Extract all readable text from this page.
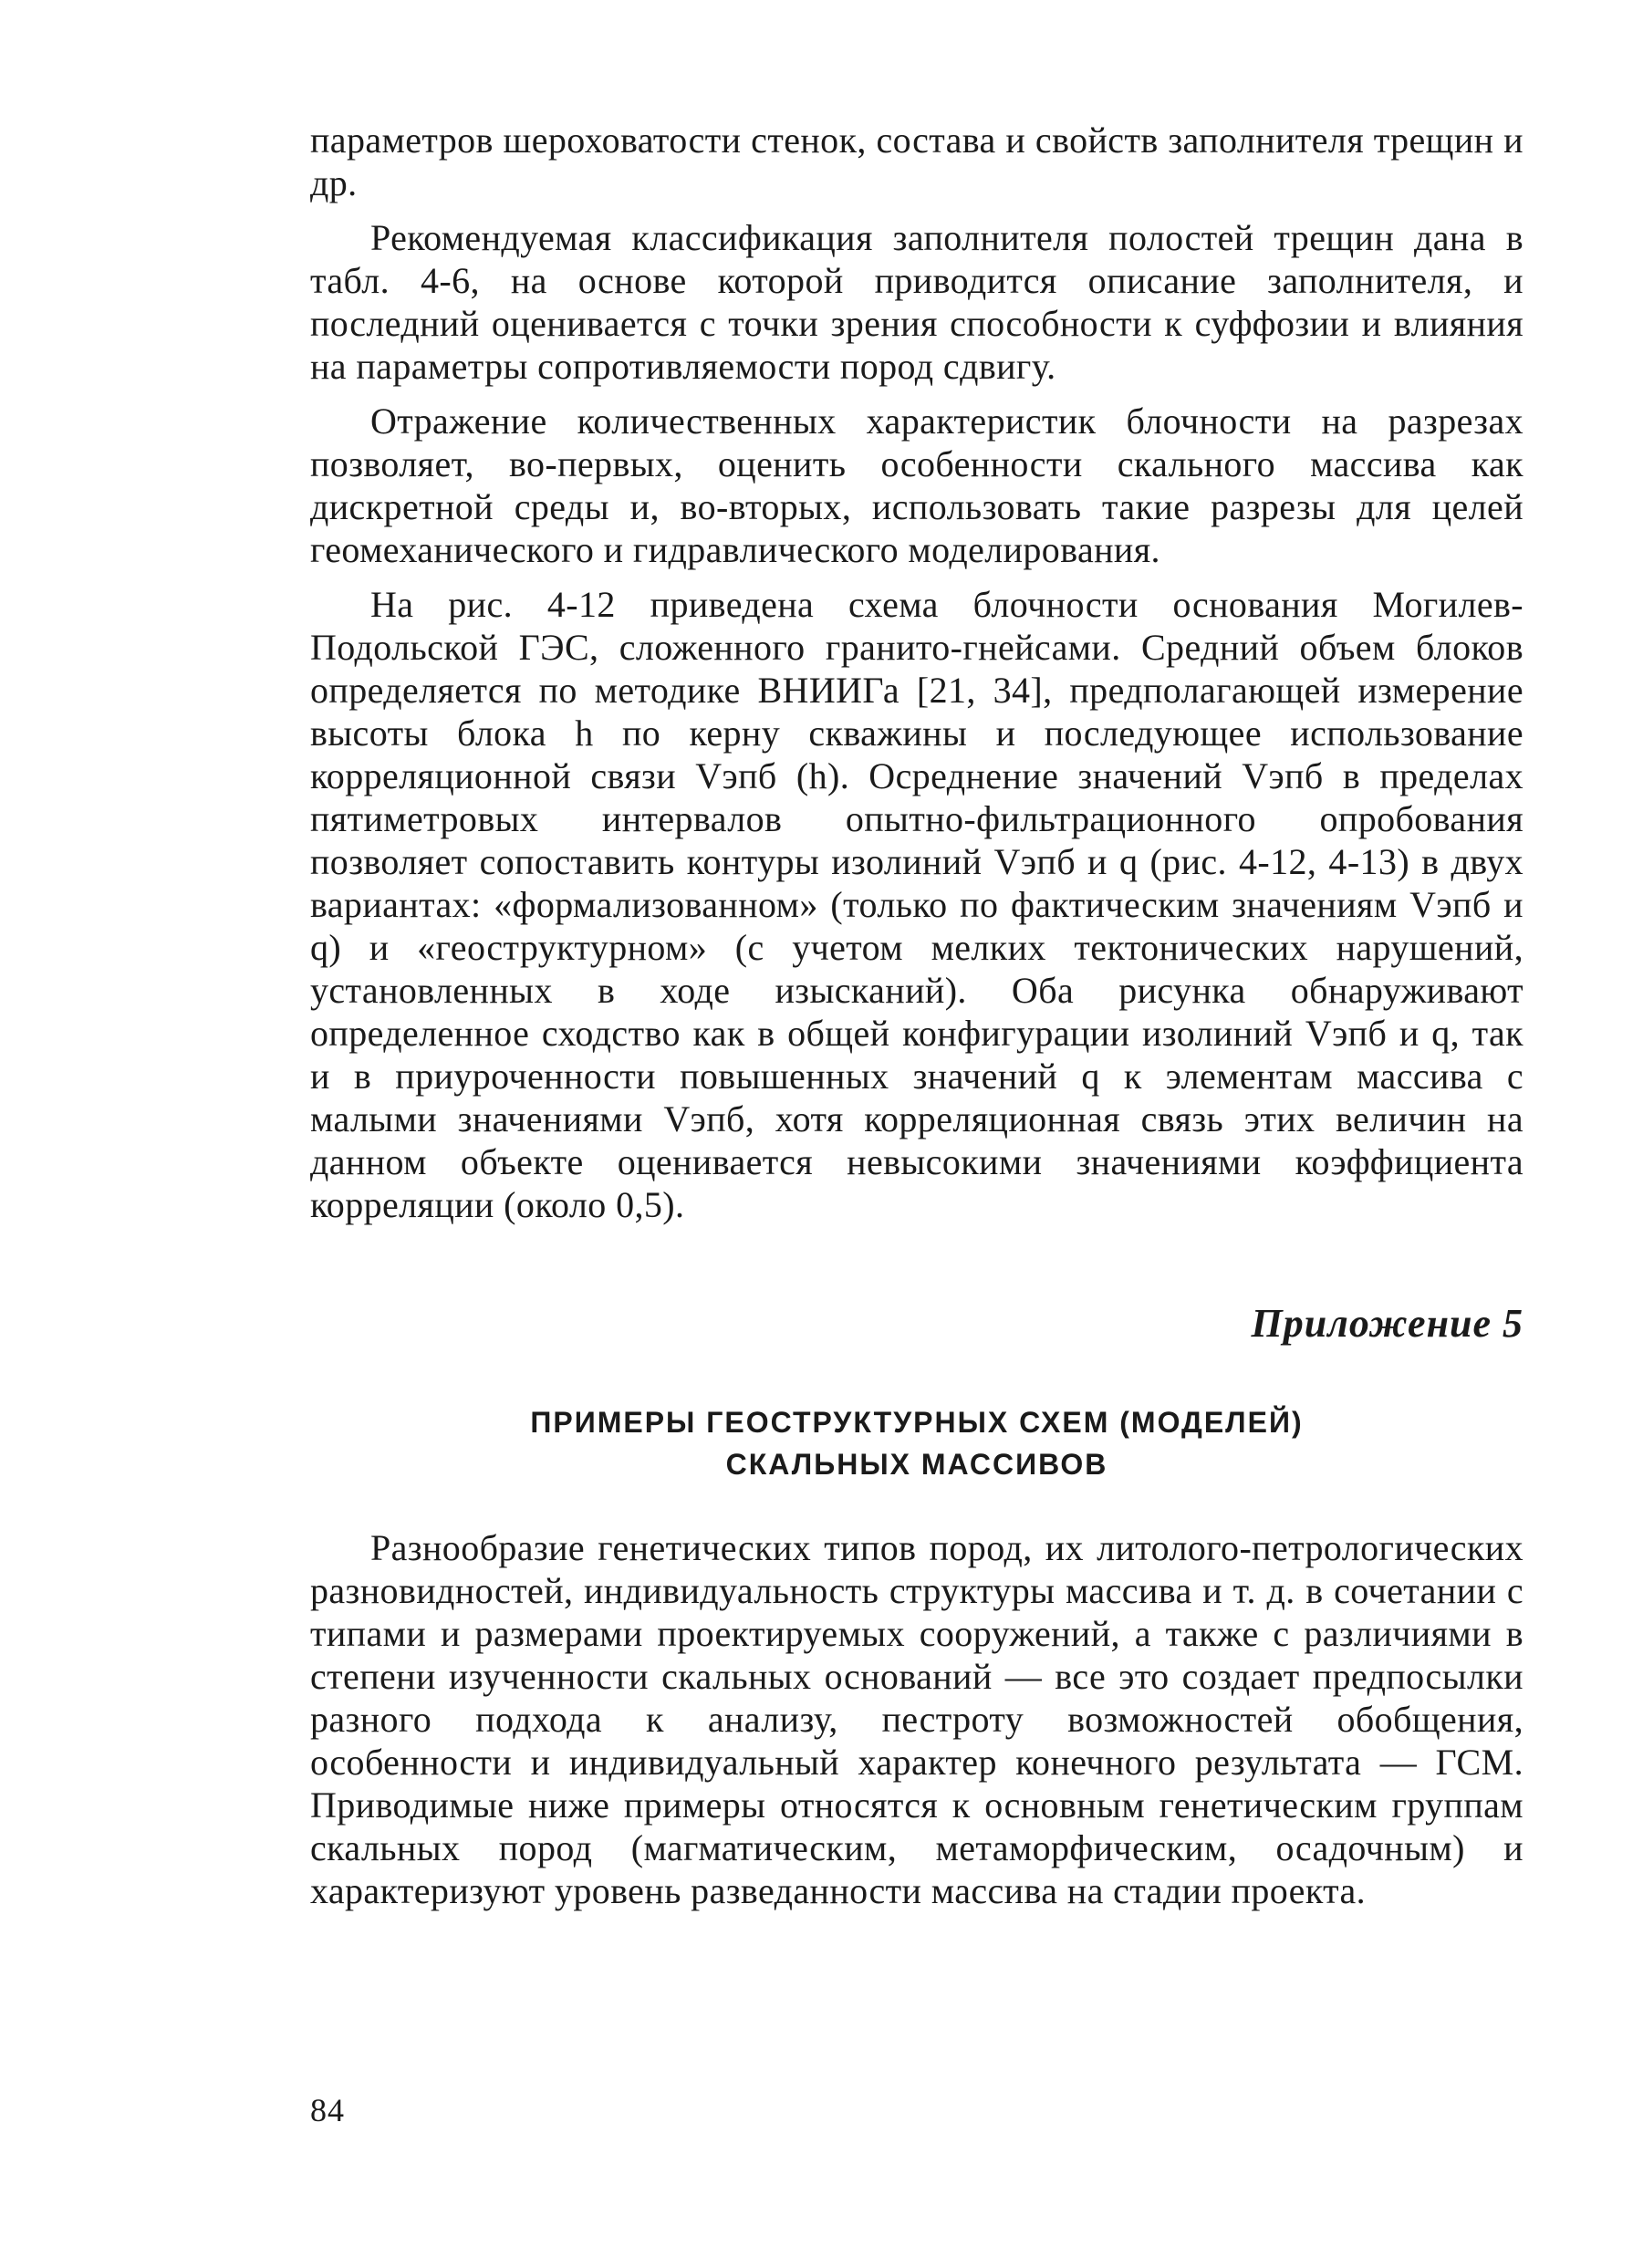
параметров шероховатости стенок, состава и свойств заполнителя трещин и др.

Рекомендуемая классификация заполнителя полостей трещин дана в табл. 4-6, на основе которой приводится описание заполнителя, и последний оценивается с точки зрения способности к суффозии и влияния на параметры сопротивляемости пород сдвигу.

Отражение количественных характеристик блочности на разрезах позволяет, во-первых, оценить особенности скального массива как дискретной среды и, во-вторых, использовать такие разрезы для целей геомеханического и гидравлического моделирования.

На рис. 4-12 приведена схема блочности основания Могилев-Подольской ГЭС, сложенного гранито-гнейсами. Средний объем блоков определяется по методике ВНИИГа [21, 34], предполагающей измерение высоты блока h по керну скважины и последующее использование корреляционной связи Vэпб (h). Осреднение значений Vэпб в пределах пятиметровых интервалов опытно-фильтрационного опробования позволяет сопоставить контуры изолиний Vэпб и q (рис. 4-12, 4-13) в двух вариантах: «формализованном» (только по фактическим значениям Vэпб и q) и «геоструктурном» (с учетом мелких тектонических нарушений, установленных в ходе изысканий). Оба рисунка обнаруживают определенное сходство как в общей конфигурации изолиний Vэпб и q, так и в приуроченности повышенных значений q к элементам массива с малыми значениями Vэпб, хотя корреляционная связь этих величин на данном объекте оценивается невысокими значениями коэффициента корреляции (около 0,5).

Приложение 5
ПРИМЕРЫ ГЕОСТРУКТУРНЫХ СХЕМ (МОДЕЛЕЙ)
СКАЛЬНЫХ МАССИВОВ

Разнообразие генетических типов пород, их литолого-петрологических разновидностей, индивидуальность структуры массива и т. д. в сочетании с типами и размерами проектируемых сооружений, а также с различиями в степени изученности скальных оснований — все это создает предпосылки разного подхода к анализу, пестроту возможностей обобщения, особенности и индивидуальный характер конечного результата — ГСМ. Приводимые ниже примеры относятся к основным генетическим группам скальных пород (магматическим, метаморфическим, осадочным) и характеризуют уровень разведанности массива на стадии проекта.

84
